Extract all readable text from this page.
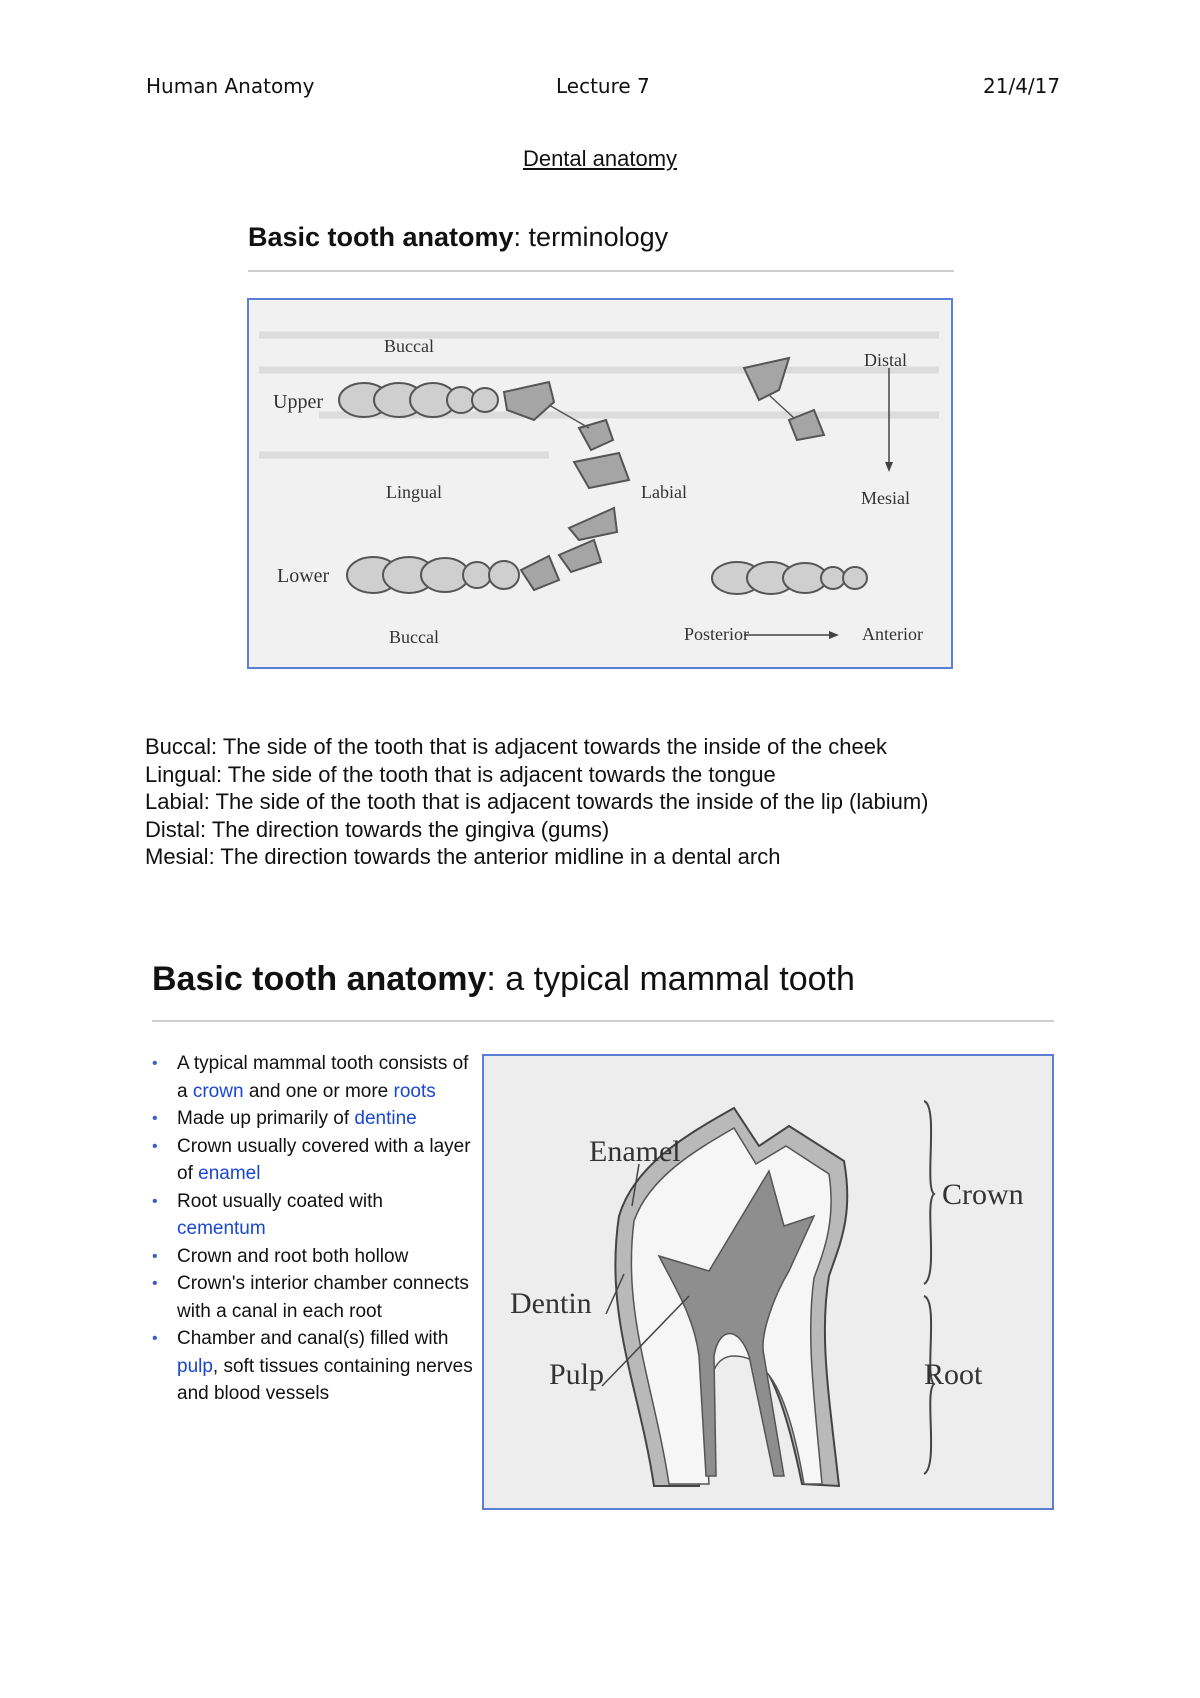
Human Anatomy	Lecture 7	21/4/17
Dental anatomy
Basic tooth anatomy: terminology
Buccal
Upper
Distal
Lingual	Labial	Mesial
Lower
Buccal	Posterior	Anterior
Buccal: The side of the tooth that is adjacent towards the inside of the cheek
Lingual: The side of the tooth that is adjacent towards the tongue
Labial: The side of the tooth that is adjacent towards the inside of the lip (labium)
Distal: The direction towards the gingiva (gums)
Mesial: The direction towards the anterior midline in a dental arch
Basic tooth anatomy: a typical mammal tooth
• A typical mammal tooth consists of a crown and one or more roots
• Made up primarily of dentine
• Crown usually covered with a layer of enamel
• Root usually coated with cementum
• Crown and root both hollow
• Crown's interior chamber connects with a canal in each root
• Chamber and canal(s) filled with pulp, soft tissues containing nerves and blood vessels
Enamel
Crown
Dentin
Pulp	Root
